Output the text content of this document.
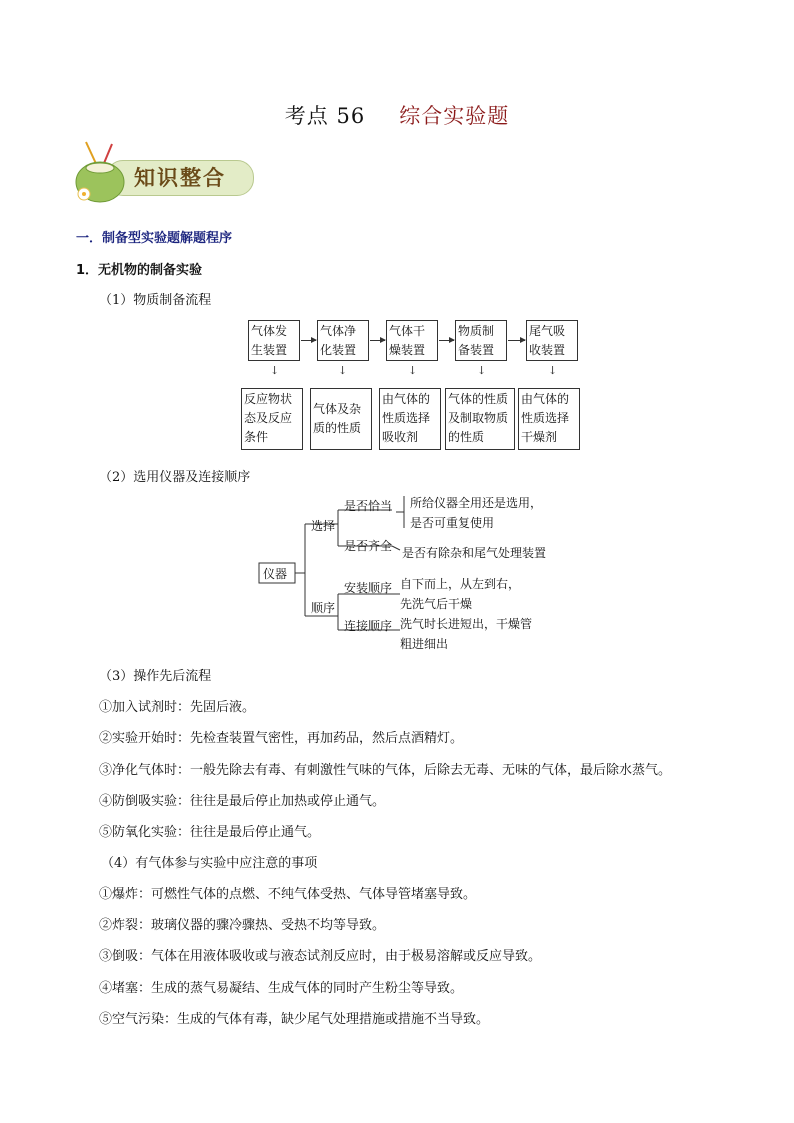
考点 56 综合实验题
知识整合
一．制备型实验题解题程序
1．无机物的制备实验
（1）物质制备流程
气体发
生装置
气体净
化装置
气体干
燥装置
物质制
备装置
尾气吸
收装置
↓	↓	↓	↓	↓
反应物状
态及反应
条件
气体及杂
质的性质
由气体的
性质选择
吸收剂
气体的性质
及制取物质
的性质
由气体的
性质选择
干燥剂
（2）选用仪器及连接顺序
仪器
选择
顺序
是否恰当 所给仪器全用还是选用，
是否可重复使用
是否齐全 是否有除杂和尾气处理装置
安装顺序 自下而上，从左到右，
先洗气后干燥
连接顺序 洗气时长进短出，干燥管
粗进细出
（3）操作先后流程
①加入试剂时：先固后液。
②实验开始时：先检查装置气密性，再加药品，然后点酒精灯。
③净化气体时：一般先除去有毒、有刺激性气味的气体，后除去无毒、无味的气体，最后除水蒸气。
④防倒吸实验：往往是最后停止加热或停止通气。
⑤防氧化实验：往往是最后停止通气。
（4）有气体参与实验中应注意的事项
①爆炸：可燃性气体的点燃、不纯气体受热、气体导管堵塞导致。
②炸裂：玻璃仪器的骤冷骤热、受热不均等导致。
③倒吸：气体在用液体吸收或与液态试剂反应时，由于极易溶解或反应导致。
④堵塞：生成的蒸气易凝结、生成气体的同时产生粉尘等导致。
⑤空气污染：生成的气体有毒，缺少尾气处理措施或措施不当导致。
